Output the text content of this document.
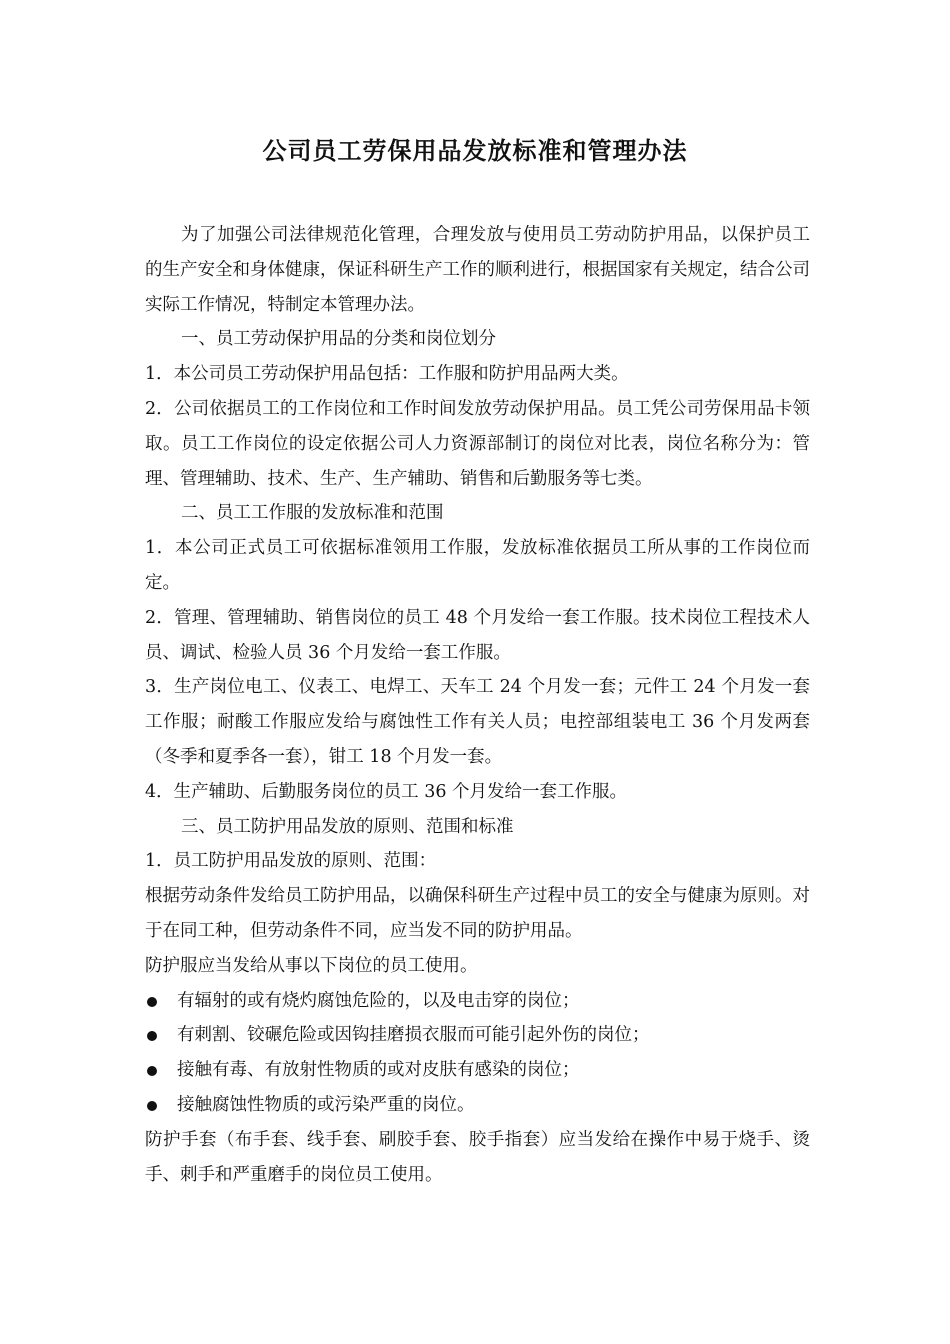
公司员工劳保用品发放标准和管理办法

为了加强公司法律规范化管理，合理发放与使用员工劳动防护用品，以保护员工的生产安全和身体健康，保证科研生产工作的顺利进行，根据国家有关规定，结合公司实际工作情况，特制定本管理办法。

一、员工劳动保护用品的分类和岗位划分

1．本公司员工劳动保护用品包括：工作服和防护用品两大类。

2．公司依据员工的工作岗位和工作时间发放劳动保护用品。员工凭公司劳保用品卡领取。员工工作岗位的设定依据公司人力资源部制订的岗位对比表，岗位名称分为：管理、管理辅助、技术、生产、生产辅助、销售和后勤服务等七类。

二、员工工作服的发放标准和范围

1．本公司正式员工可依据标准领用工作服，发放标准依据员工所从事的工作岗位而定。

2．管理、管理辅助、销售岗位的员工 48 个月发给一套工作服。技术岗位工程技术人员、调试、检验人员 36 个月发给一套工作服。

3．生产岗位电工、仪表工、电焊工、天车工 24 个月发一套；元件工 24 个月发一套工作服；耐酸工作服应发给与腐蚀性工作有关人员；电控部组装电工 36 个月发两套（冬季和夏季各一套），钳工 18 个月发一套。

4．生产辅助、后勤服务岗位的员工 36 个月发给一套工作服。

三、员工防护用品发放的原则、范围和标准

1．员工防护用品发放的原则、范围：

根据劳动条件发给员工防护用品，以确保科研生产过程中员工的安全与健康为原则。对于在同工种，但劳动条件不同，应当发不同的防护用品。

防护服应当发给从事以下岗位的员工使用。

有辐射的或有烧灼腐蚀危险的，以及电击穿的岗位；

有刺割、铰碾危险或因钩挂磨损衣服而可能引起外伤的岗位；

接触有毒、有放射性物质的或对皮肤有感染的岗位；

接触腐蚀性物质的或污染严重的岗位。

防护手套（布手套、线手套、刷胶手套、胶手指套）应当发给在操作中易于烧手、烫手、刺手和严重磨手的岗位员工使用。
